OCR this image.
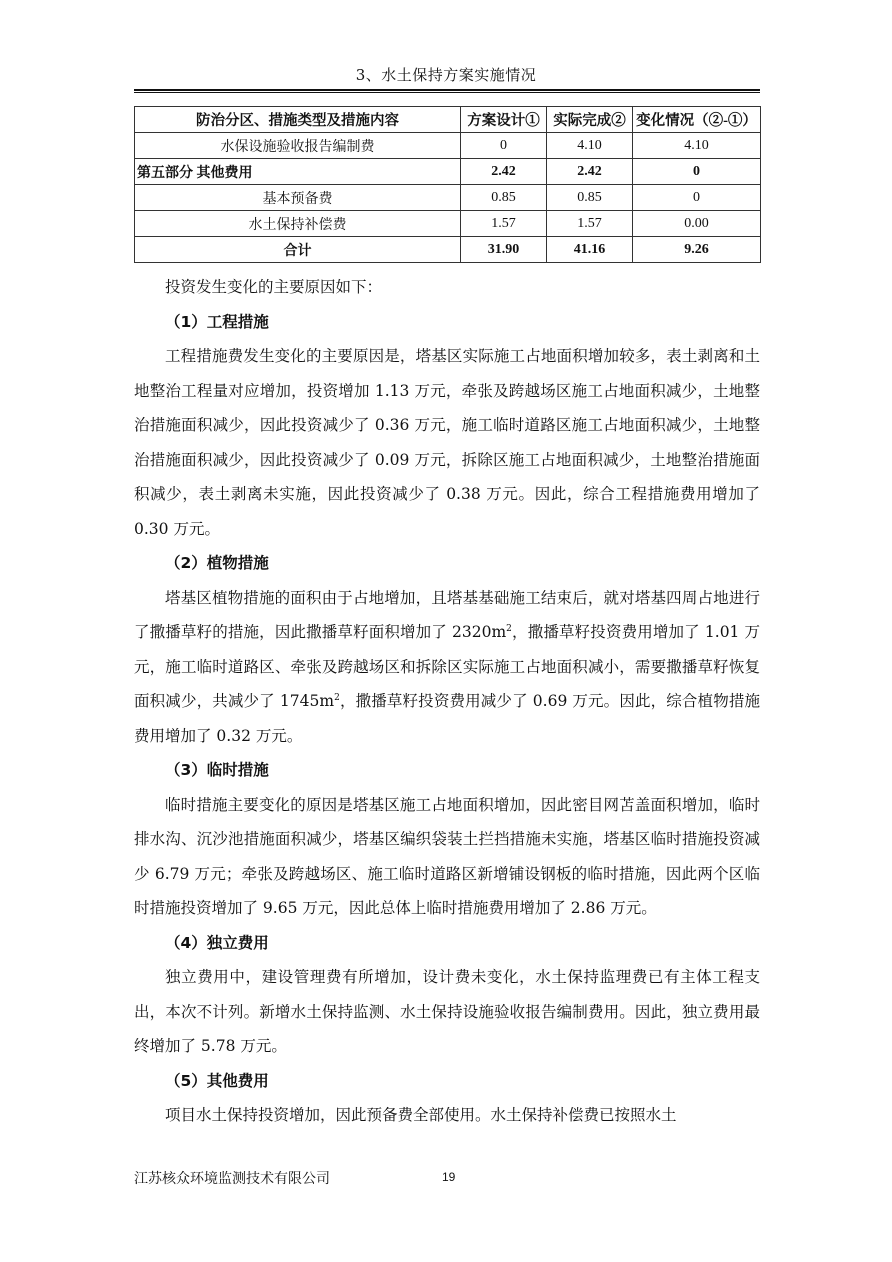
3、水土保持方案实施情况
防治分区、措施类型及措施内容	方案设计①	实际完成②	变化情况（②-①）
水保设施验收报告编制费	0	4.10	4.10
第五部分 其他费用	2.42	2.42	0
基本预备费	0.85	0.85	0
水土保持补偿费	1.57	1.57	0.00
合计	31.90	41.16	9.26

投资发生变化的主要原因如下：

（1）工程措施

工程措施费发生变化的主要原因是，塔基区实际施工占地面积增加较多，表土剥离和土地整治工程量对应增加，投资增加 1.13 万元，牵张及跨越场区施工占地面积减少，土地整治措施面积减少，因此投资减少了 0.36 万元，施工临时道路区施工占地面积减少，土地整治措施面积减少，因此投资减少了 0.09 万元，拆除区施工占地面积减少，土地整治措施面积减少，表土剥离未实施，因此投资减少了 0.38 万元。因此，综合工程措施费用增加了 0.30 万元。

（2）植物措施

塔基区植物措施的面积由于占地增加，且塔基基础施工结束后，就对塔基四周占地进行了撒播草籽的措施，因此撒播草籽面积增加了 $2320m^2$，撒播草籽投资费用增加了 1.01 万元，施工临时道路区、牵张及跨越场区和拆除区实际施工占地面积减小，需要撒播草籽恢复面积减少，共减少了 $1745m^2$，撒播草籽投资费用减少了 0.69 万元。因此，综合植物措施费用增加了 0.32 万元。

（3）临时措施

临时措施主要变化的原因是塔基区施工占地面积增加，因此密目网苫盖面积增加，临时排水沟、沉沙池措施面积减少，塔基区编织袋装土拦挡措施未实施，塔基区临时措施投资减少 6.79 万元；牵张及跨越场区、施工临时道路区新增铺设钢板的临时措施，因此两个区临时措施投资增加了 9.65 万元，因此总体上临时措施费用增加了 2.86 万元。

（4）独立费用

独立费用中，建设管理费有所增加，设计费未变化，水土保持监理费已有主体工程支出，本次不计列。新增水土保持监测、水土保持设施验收报告编制费用。因此，独立费用最终增加了 5.78 万元。

（5）其他费用

项目水土保持投资增加，因此预备费全部使用。水土保持补偿费已按照水土

江苏核众环境监测技术有限公司	19
